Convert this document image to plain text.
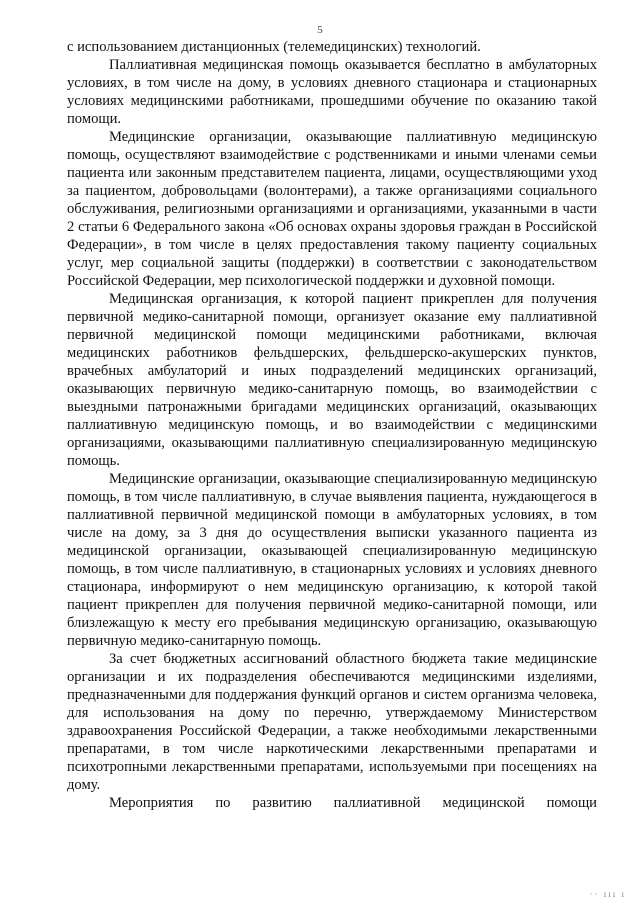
5

с использованием дистанционных (телемедицинских) технологий.

Паллиативная медицинская помощь оказывается бесплатно в амбулаторных условиях, в том числе на дому, в условиях дневного стационара и стационарных условиях медицинскими работниками, прошедшими обучение по оказанию такой помощи.

Медицинские организации, оказывающие паллиативную медицинскую помощь, осуществляют взаимодействие с родственниками и иными членами семьи пациента или законным представителем пациента, лицами, осуществляющими уход за пациентом, добровольцами (волонтерами), а также организациями социального обслуживания, религиозными организациями и организациями, указанными в части 2 статьи 6 Федерального закона «Об основах охраны здоровья граждан в Российской Федерации», в том числе в целях предоставления такому пациенту социальных услуг, мер социальной защиты (поддержки) в соответствии с законодательством Российской Федерации, мер психологической поддержки и духовной помощи.

Медицинская организация, к которой пациент прикреплен для получения первичной медико-санитарной помощи, организует оказание ему паллиативной первичной медицинской помощи медицинскими работниками, включая медицинских работников фельдшерских, фельдшерско-акушерских пунктов, врачебных амбулаторий и иных подразделений медицинских организаций, оказывающих первичную медико-санитарную помощь, во взаимодействии с выездными патронажными бригадами медицинских организаций, оказывающих паллиативную медицинскую помощь, и во взаимодействии с медицинскими организациями, оказывающими паллиативную специализированную медицинскую помощь.

Медицинские организации, оказывающие специализированную медицинскую помощь, в том числе паллиативную, в случае выявления пациента, нуждающегося в паллиативной первичной медицинской помощи в амбулаторных условиях, в том числе на дому, за 3 дня до осуществления выписки указанного пациента из медицинской организации, оказывающей специализированную медицинскую помощь, в том числе паллиативную, в стационарных условиях и условиях дневного стационара, информируют о нем медицинскую организацию, к которой такой пациент прикреплен для получения первичной медико-санитарной помощи, или близлежащую к месту его пребывания медицинскую организацию, оказывающую первичную медико-санитарную помощь.

За счет бюджетных ассигнований областного бюджета такие медицинские организации и их подразделения обеспечиваются медицинскими изделиями, предназначенными для поддержания функций органов и систем организма человека, для использования на дому по перечню, утверждаемому Министерством здравоохранения Российской Федерации, а также необходимыми лекарственными препаратами, в том числе наркотическими лекарственными препаратами и психотропными лекарственными препаратами, используемыми при посещениях на дому.

Мероприятия по развитию паллиативной медицинской помощи

·· ııı ı
